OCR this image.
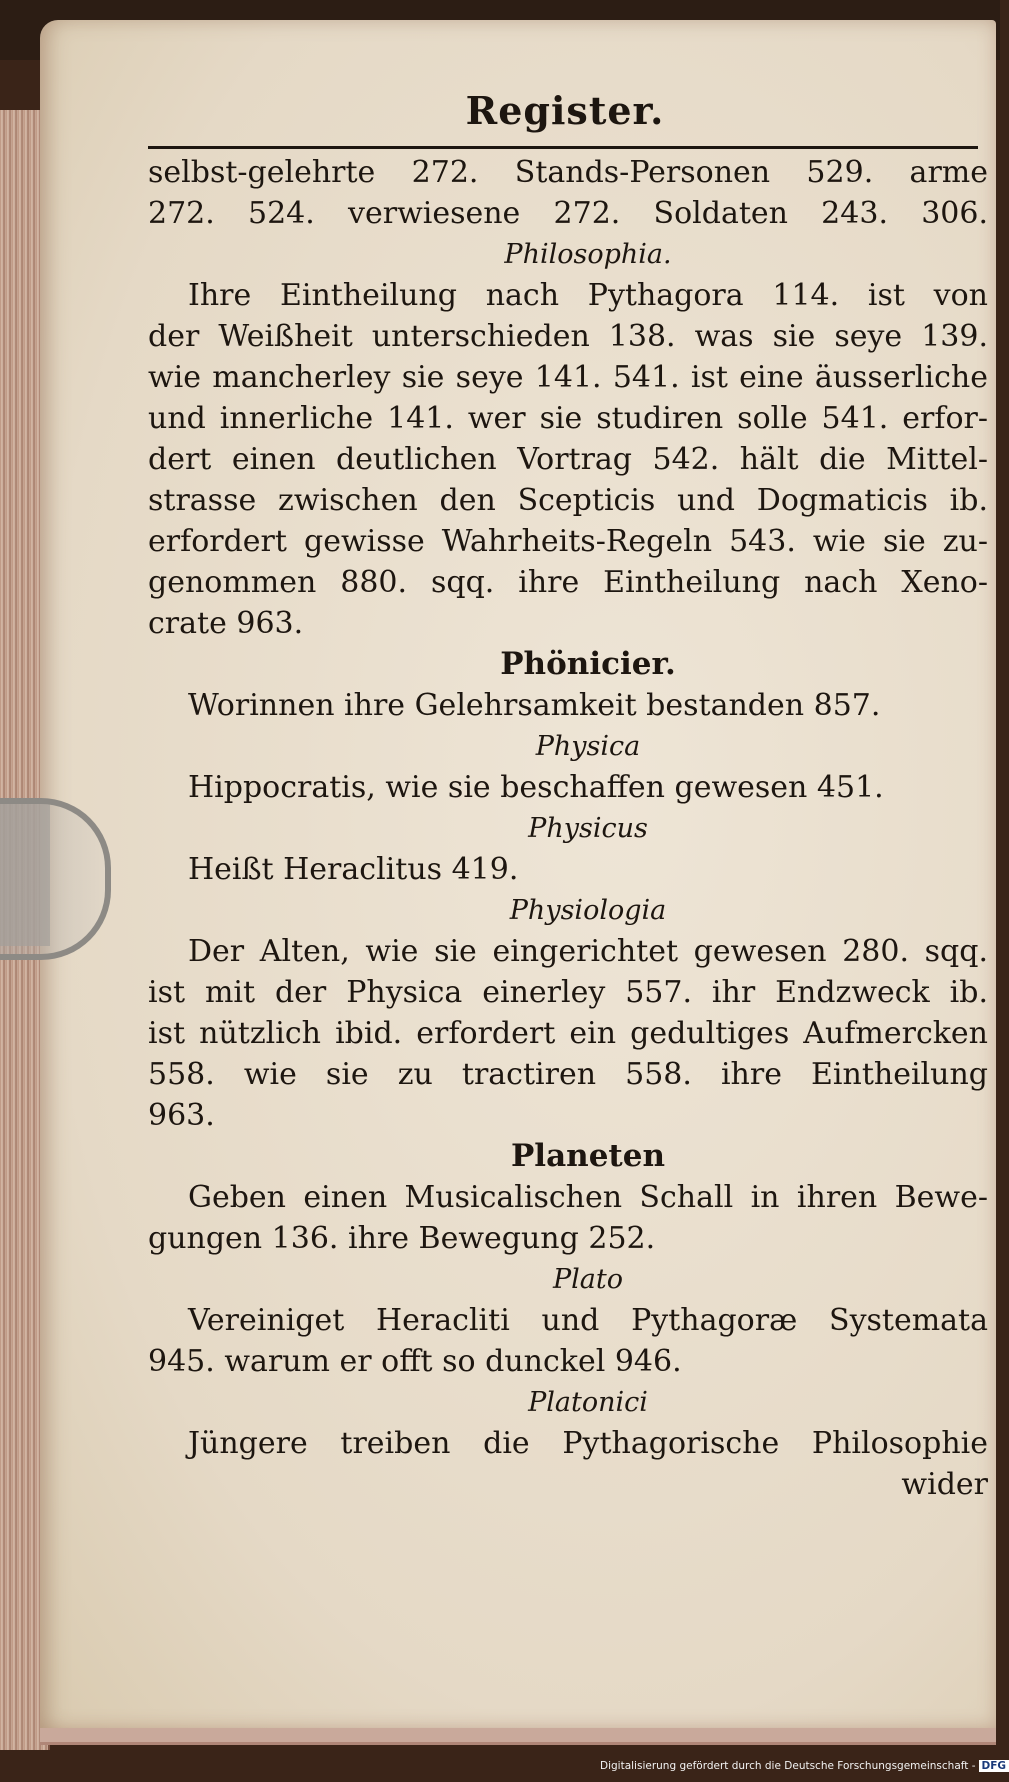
Register.
selbst-gelehrte 272. Stands-Personen 529. arme
272. 524. verwiesene 272. Soldaten 243. 306.
Philosophia.
Ihre Eintheilung nach Pythagora 114. ist von
der Weißheit unterschieden 138. was sie seye 139.
wie mancherley sie seye 141. 541. ist eine äusserliche
und innerliche 141. wer sie studiren solle 541. erfor-
dert einen deutlichen Vortrag 542. hält die Mittel-
strasse zwischen den Scepticis und Dogmaticis ib.
erfordert gewisse Wahrheits-Regeln 543. wie sie zu-
genommen 880. sqq. ihre Eintheilung nach Xeno-
crate 963.
Phönicier.
Worinnen ihre Gelehrsamkeit bestanden 857.
Physica
Hippocratis, wie sie beschaffen gewesen 451.
Physicus
Heißt Heraclitus 419.
Physiologia
Der Alten, wie sie eingerichtet gewesen 280. sqq.
ist mit der Physica einerley 557. ihr Endzweck ib.
ist nützlich ibid. erfordert ein gedultiges Aufmercken
558. wie sie zu tractiren 558. ihre Eintheilung
963.
Planeten
Geben einen Musicalischen Schall in ihren Bewe-
gungen 136. ihre Bewegung 252.
Plato
Vereiniget Heracliti und Pythagoræ Systemata
945. warum er offt so dunckel 946.
Platonici
Jüngere treiben die Pythagorische Philosophie
wider
Digitalisierung gefördert durch die Deutsche Forschungsgemeinschaft - DFG
